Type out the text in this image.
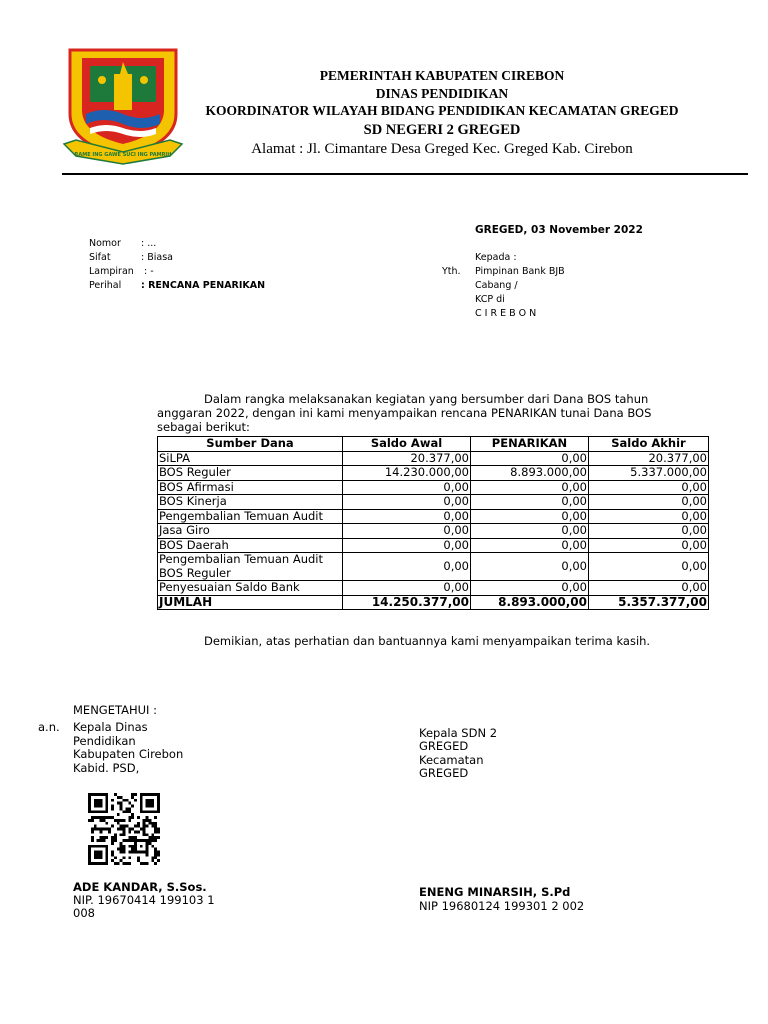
RAME ING GAWE SUCI ING PAMRIH
PEMERINTAH KABUPATEN CIREBON
DINAS PENDIDIKAN
KOORDINATOR WILAYAH BIDANG PENDIDIKAN KECAMATAN GREGED
SD NEGERI 2 GREGED
Alamat : Jl. Cimantare Desa Greged Kec. Greged Kab. Cirebon
GREGED, 03 November 2022
Nomor : ...
Sifat	: Biasa
Lampiran : -
Perihal : RENCANA PENARIKAN
Kepada :
Yth. Pimpinan Bank BJB
Cabang /
KCP di
C I R E B O N
Dalam rangka melaksanakan kegiatan yang bersumber dari Dana BOS tahun
anggaran 2022, dengan ini kami menyampaikan rencana PENARIKAN tunai Dana BOS
sebagai berikut:
Sumber Dana	Saldo Awal	PENARIKAN	Saldo Akhir
SiLPA	20.377,00	0,00	20.377,00
BOS Reguler	14.230.000,00	8.893.000,00	5.337.000,00
BOS Afirmasi	0,00	0,00	0,00
BOS Kinerja	0,00	0,00	0,00
Pengembalian Temuan Audit	0,00	0,00	0,00
Jasa Giro	0,00	0,00	0,00
BOS Daerah	0,00	0,00	0,00
Pengembalian Temuan Audit BOS Reguler	0,00	0,00	0,00
Penyesuaian Saldo Bank	0,00	0,00	0,00
JUMLAH	14.250.377,00	8.893.000,00	5.357.377,00
Demikian, atas perhatian dan bantuannya kami menyampaikan terima kasih.
MENGETAHUI :
a.n. Kepala Dinas
Pendidikan
Kabupaten Cirebon
Kabid. PSD,
ADE KANDAR, S.Sos.
NIP. 19670414 199103 1
008
Kepala SDN 2
GREGED
Kecamatan
GREGED
ENENG MINARSIH, S.Pd
NIP 19680124 199301 2 002
